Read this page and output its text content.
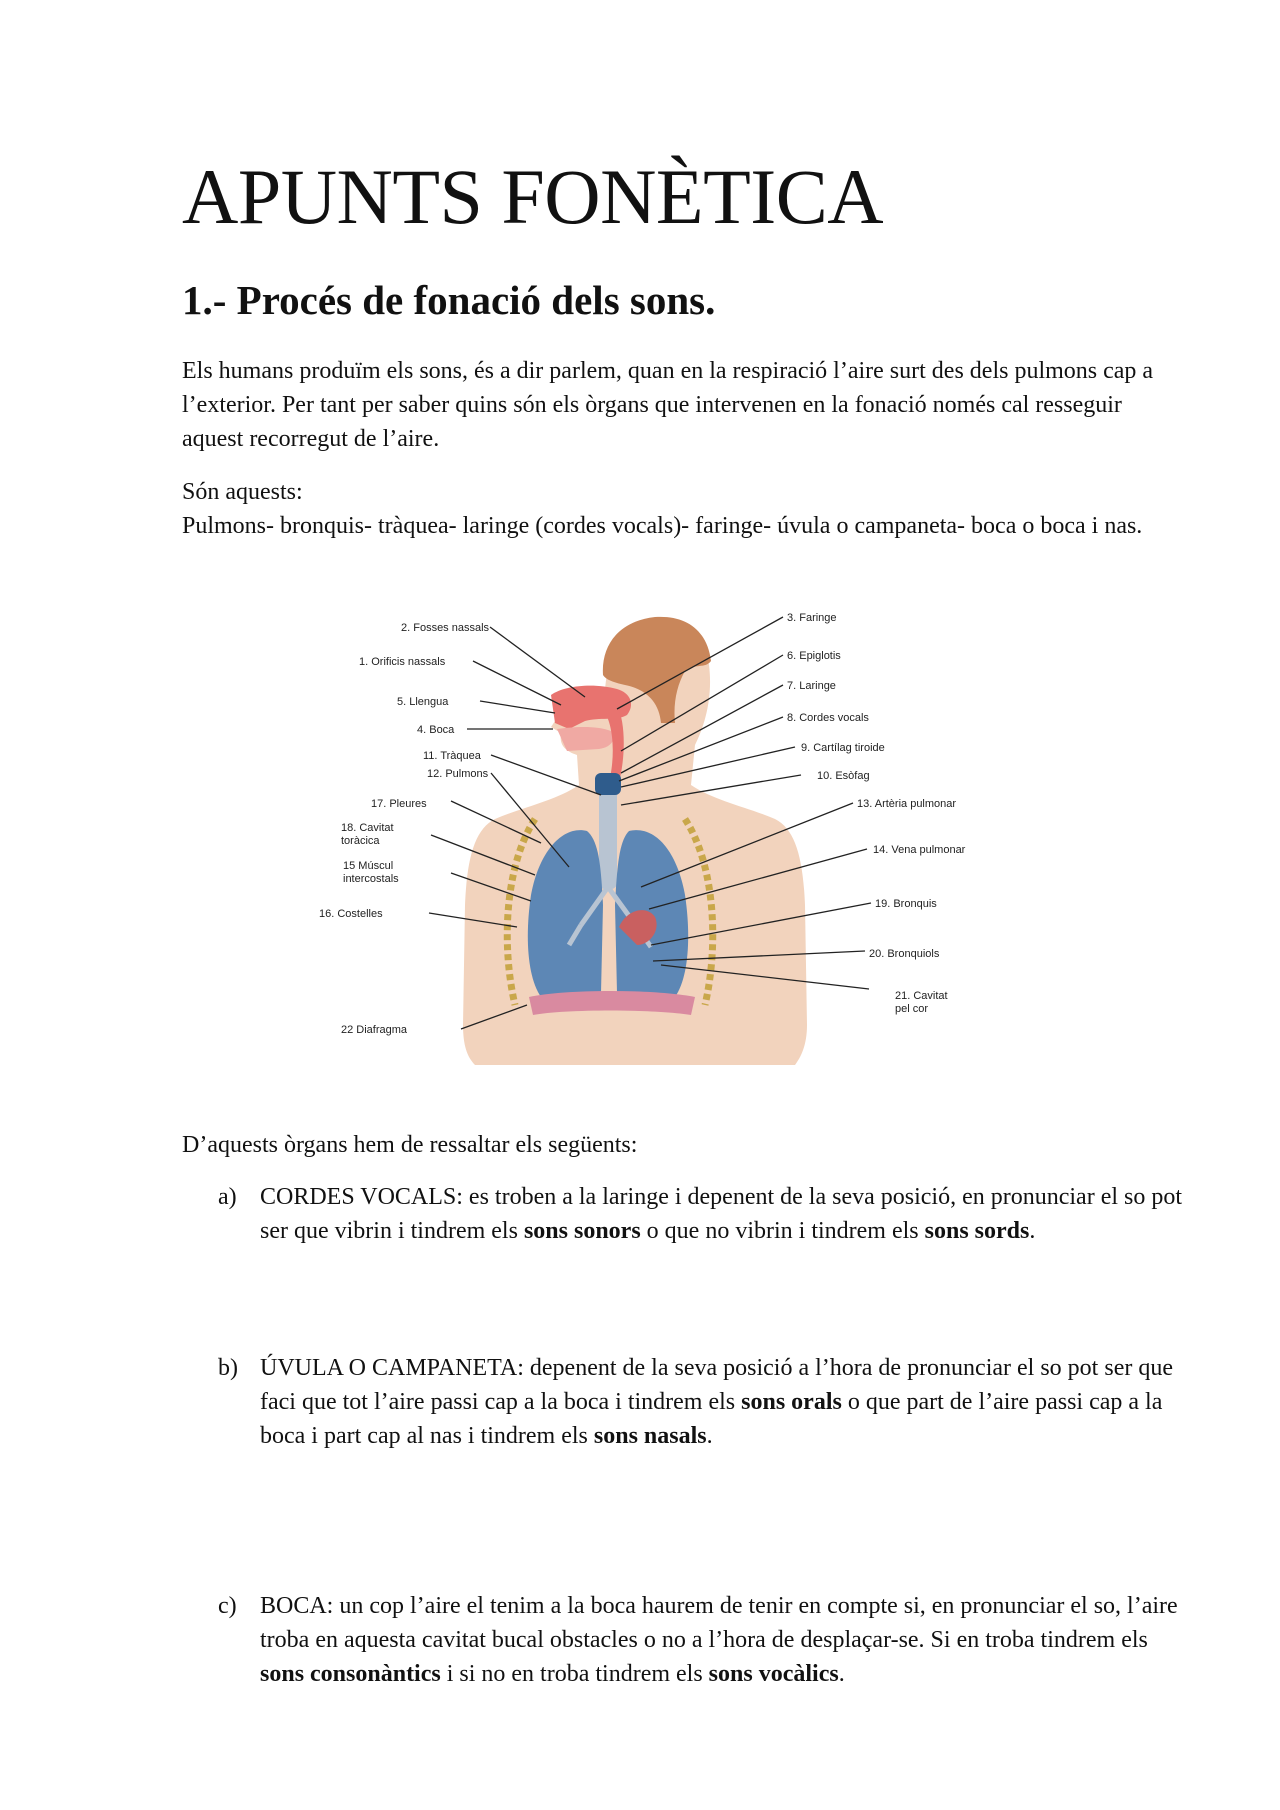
APUNTS FONÈTICA
1.- Procés de fonació dels sons.

Els humans produïm els sons, és a dir parlem, quan en la respiració l’aire surt des dels pulmons cap a l’exterior. Per tant per saber quins són els òrgans que intervenen en la fonació només cal resseguir aquest recorregut de l’aire.

Són aquests:

Pulmons- bronquis- tràquea- laringe (cordes vocals)- faringe- úvula o campaneta- boca o boca i nas.

2. Fosses nassals
1. Orificis nassals
5. Llengua
4. Boca
11. Tràquea
12. Pulmons
17. Pleures
18. Cavitat
toràcica
15 Múscul
intercostals
16. Costelles
22 Diafragma
3. Faringe
6. Epiglotis
7. Laringe
8. Cordes vocals
9. Cartílag tiroide
10. Esòfag
13. Artèria pulmonar
14. Vena pulmonar
19. Bronquis
20. Bronquiols
21. Cavitat
pel cor

D’aquests òrgans hem de ressaltar els següents:

a) CORDES VOCALS: es troben a la laringe i depenent de la seva posició, en pronunciar el so pot ser que vibrin i tindrem els sons sonors o que no vibrin i tindrem els sons sords.
b) ÚVULA O CAMPANETA: depenent de la seva posició a l’hora de pronunciar el so pot ser que faci que tot l’aire passi cap a la boca i tindrem els sons orals o que part de l’aire passi cap a la boca i part cap al nas i tindrem els sons nasals.
c) BOCA: un cop l’aire el tenim a la boca haurem de tenir en compte si, en pronunciar el so, l’aire troba en aquesta cavitat bucal obstacles o no a l’hora de desplaçar-se. Si en troba tindrem els sons consonàntics i si no en troba tindrem els sons vocàlics.
